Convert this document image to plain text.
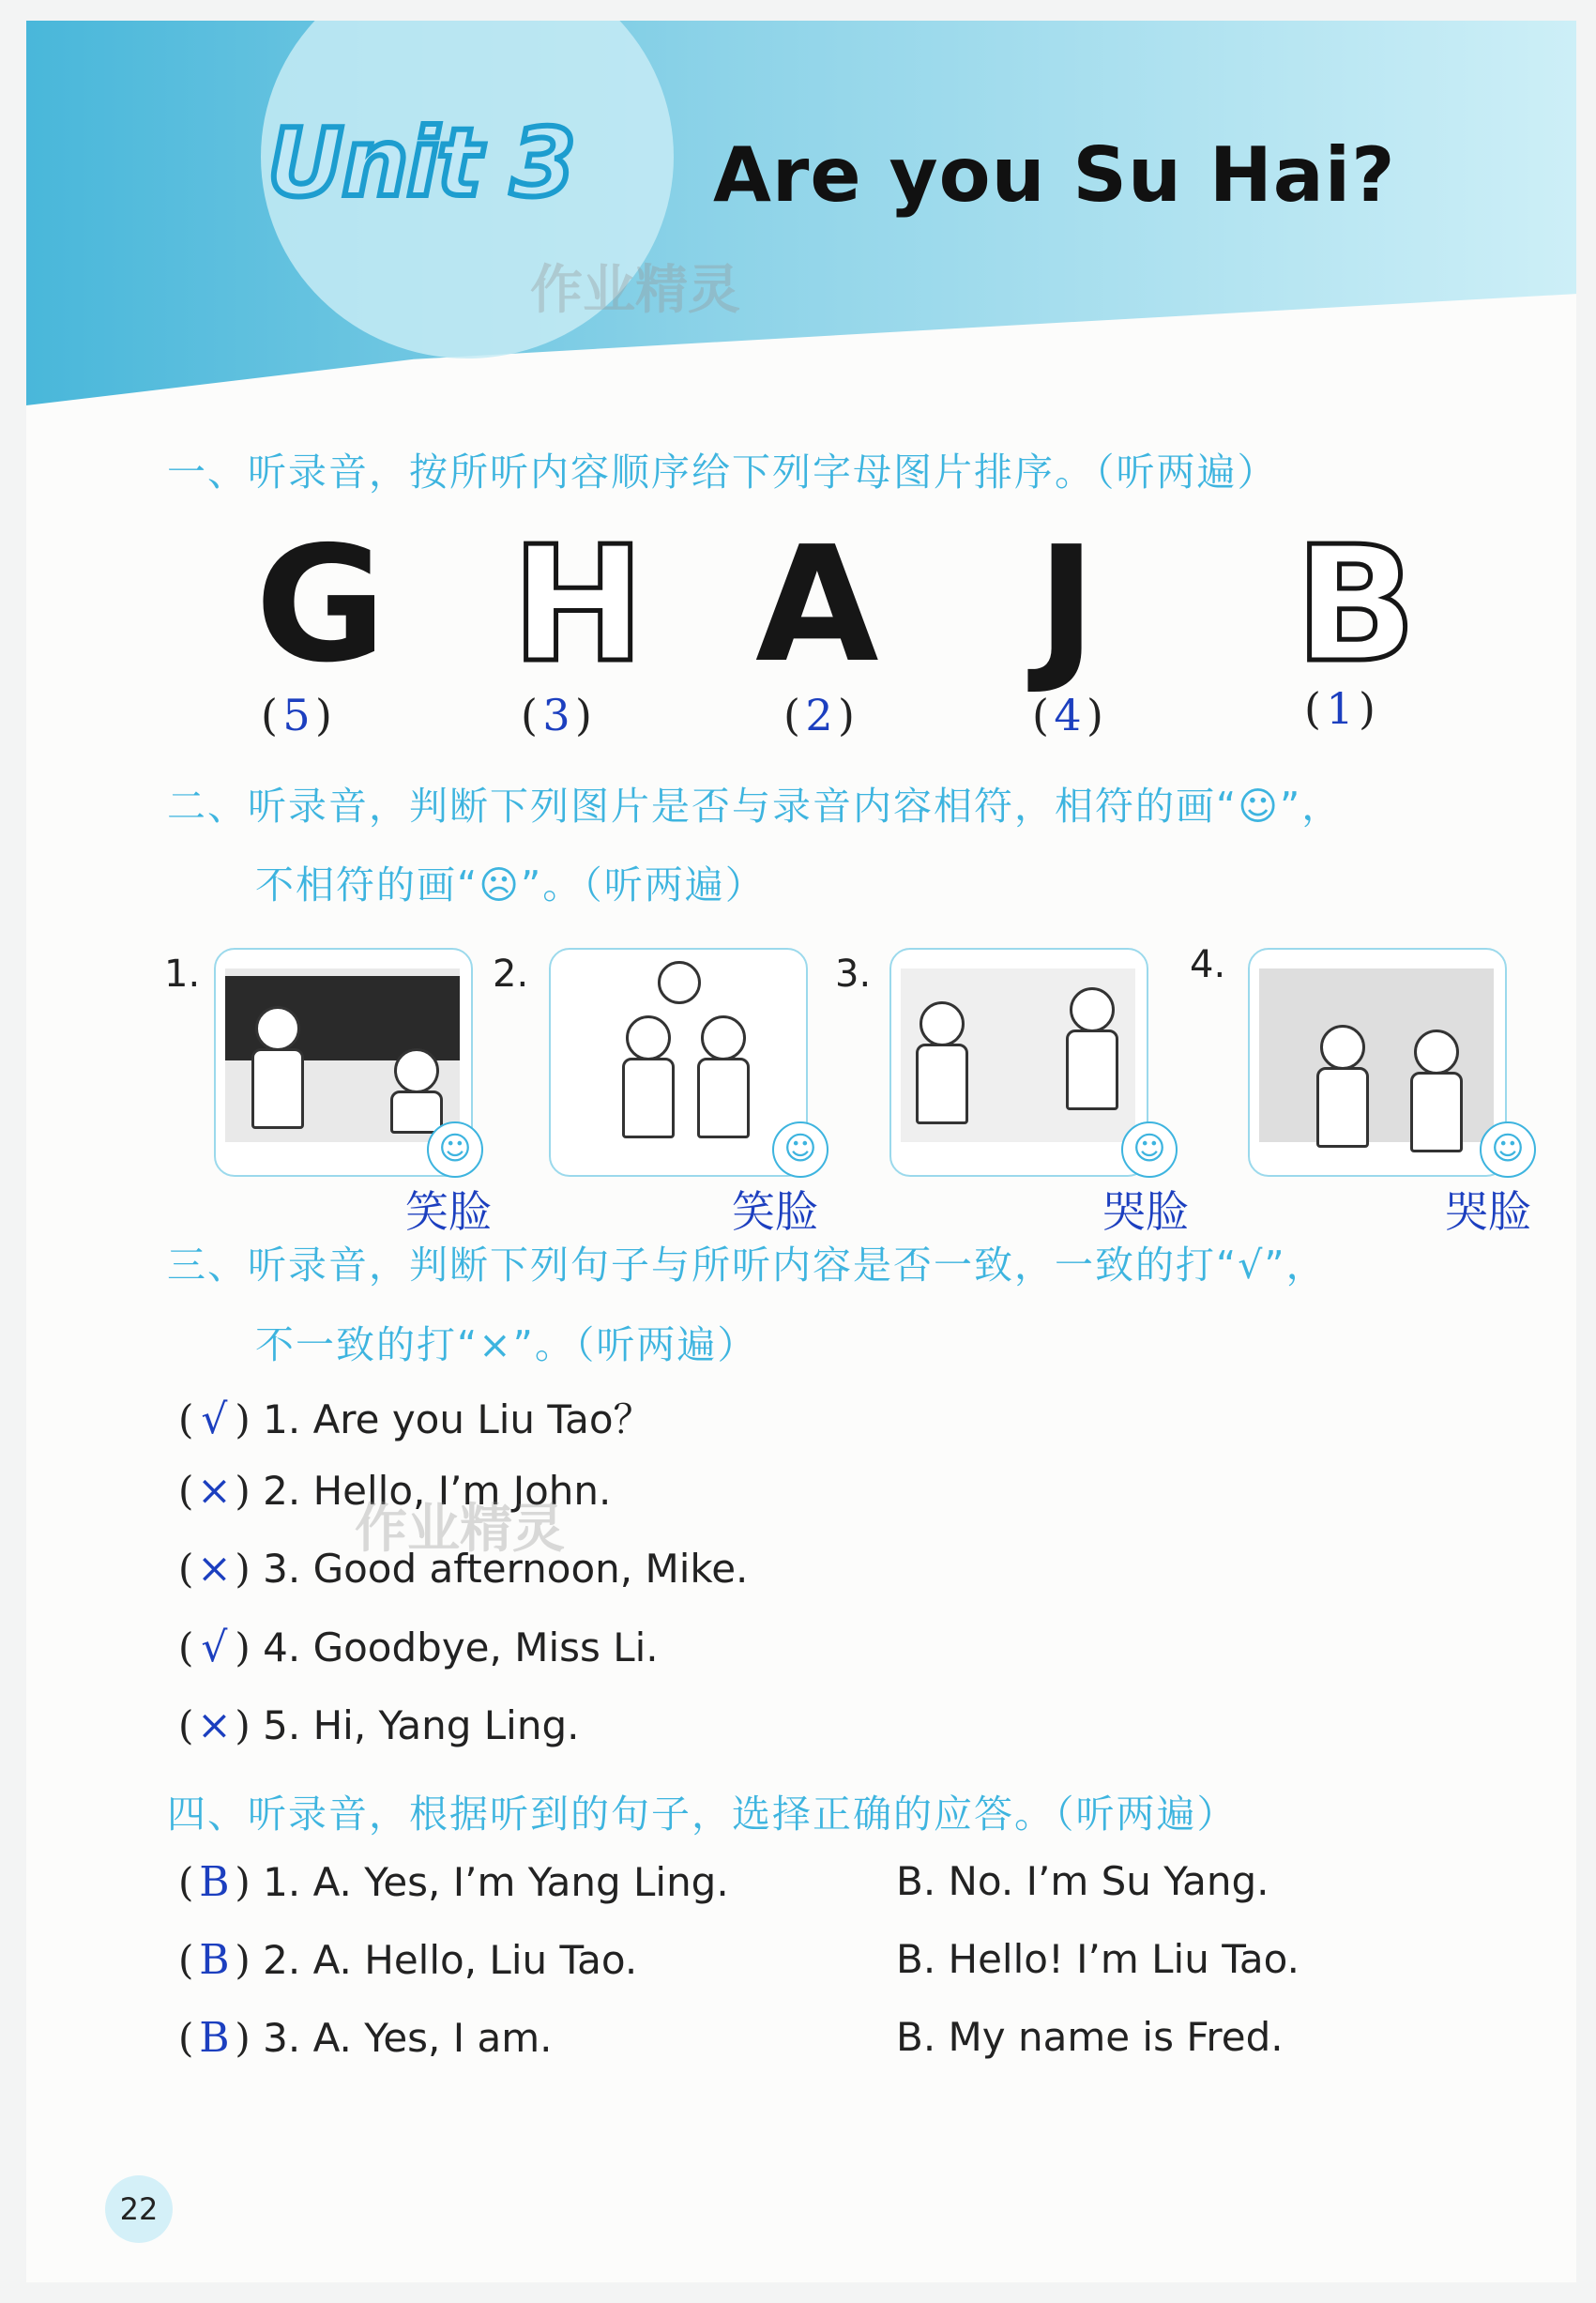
Unit 3 Are you Su Hai?
作业精灵
一、听录音，按所听内容顺序给下列字母图片排序。（听两遍）
G H A J B
( 5 )	( 3 )	( 2 )	( 4 )	( 1 )
二、听录音，判断下列图片是否与录音内容相符，相符的画“☺”，
不相符的画“☹”。（听两遍）
1.	2.	3.	4.
☺	☺	☺	☺
笑脸	笑脸	哭脸	哭脸
三、听录音，判断下列句子与所听内容是否一致，一致的打“√”，
不一致的打“×”。（听两遍）
( √ ) 1. Are you Liu Tao？
(×) 2. Hello, I’m John.
作业精灵
(×) 3. Good afternoon, Mike.
( √ ) 4. Goodbye, Miss Li.
(×) 5. Hi, Yang Ling.
四、听录音，根据听到的句子，选择正确的应答。（听两遍）
( B ) 1. A. Yes, I’m Yang Ling.	B. No. I’m Su Yang.
( B ) 2. A. Hello, Liu Tao.	B. Hello! I’m Liu Tao.
( B ) 3. A. Yes, I am.	B. My name is Fred.
22
